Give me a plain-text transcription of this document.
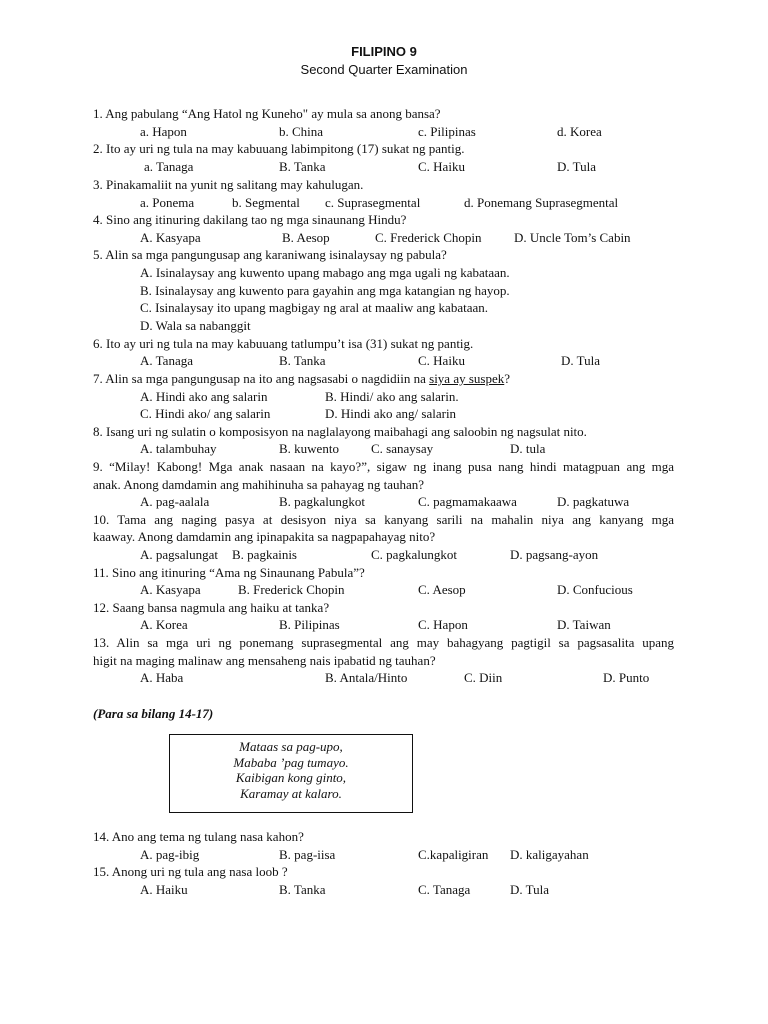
FILIPINO 9
Second Quarter Examination
1. Ang pabulang “Ang Hatol ng Kuneho" ay mula sa anong bansa?
a. Hapon	b. China	c. Pilipinas	d. Korea
2. Ito ay uri ng tula na may kabuuang labimpitong (17) sukat ng pantig.
a. Tanaga	B. Tanka	C. Haiku	D. Tula
3. Pinakamaliit na yunit ng salitang may kahulugan.
a. Ponema	b. Segmental c. Suprasegmental	d. Ponemang Suprasegmental
4. Sino ang itinuring dakilang tao ng mga sinaunang Hindu?
A. Kasyapa	B. Aesop	C. Frederick Chopin D. Uncle Tom’s Cabin
5. Alin sa mga pangungusap ang karaniwang isinalaysay ng pabula?
A. Isinalaysay ang kuwento upang mabago ang mga ugali ng kabataan.
B. Isinalaysay ang kuwento para gayahin ang mga katangian ng hayop.
C. Isinalaysay ito upang magbigay ng aral at maaliw ang kabataan.
D. Wala sa nabanggit
6. Ito ay uri ng tula na may kabuuang tatlumpu’t isa (31) sukat ng pantig.
A. Tanaga	B. Tanka	C. Haiku	D. Tula
7. Alin sa mga pangungusap na ito ang nagsasabi o nagdidiin na siya ay suspek?
A. Hindi ako ang salarin	B. Hindi/ ako ang salarin.
C. Hindi ako/ ang salarin	D. Hindi ako ang/ salarin
8. Isang uri ng sulatin o komposisyon na naglalayong maibahagi ang saloobin ng nagsulat nito.
A. talambuhay	B. kuwento C. sanaysay	D. tula
9. “Milay! Kabong! Mga anak nasaan na kayo?”, sigaw ng inang pusa nang hindi matagpuan ang mga
anak. Anong damdamin ang mahihinuha sa pahayag ng tauhan?
A. pag-aalala	B. pagkalungkot	C. pagmamakaawa	D. pagkatuwa
10. Tama ang naging pasya at desisyon niya sa kanyang sarili na mahalin niya ang kanyang mga
kaaway. Anong damdamin ang ipinapakita sa nagpapahayag nito?
A. pagsalungat B. pagkainis	C. pagkalungkot	D. pagsang-ayon
11. Sino ang itinuring “Ama ng Sinaunang Pabula”?
A. Kasyapa	B. Frederick Chopin	C. Aesop	D. Confucious
12. Saang bansa nagmula ang haiku at tanka?
A. Korea	B. Pilipinas	C. Hapon	D. Taiwan
13. Alin sa mga uri ng ponemang suprasegmental ang may bahagyang pagtigil sa pagsasalita upang
higit na maging malinaw ang mensaheng nais ipabatid ng tauhan?
A. Haba	B. Antala/Hinto	C. Diin	D. Punto
(Para sa bilang 14-17)
Mataas sa pag-upo,
Mababa ’pag tumayo.
Kaibigan kong ginto,
Karamay at kalaro.
14. Ano ang tema ng tulang nasa kahon?
A. pag-ibig	B. pag-iisa	C.kapaligiran D. kaligayahan
15. Anong uri ng tula ang nasa loob ?
A. Haiku	B. Tanka	C. Tanaga	D. Tula
